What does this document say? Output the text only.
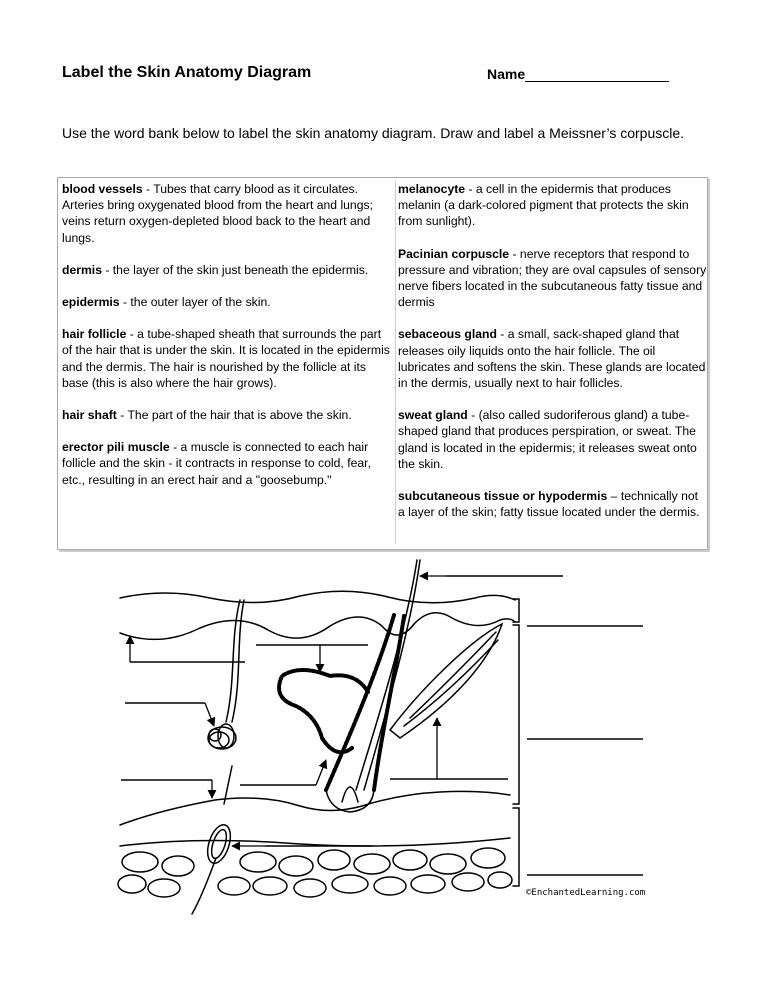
Label the Skin Anatomy Diagram	Name
Use the word bank below to label the skin anatomy diagram. Draw and label a Meissner’s corpuscle.

blood vessels - Tubes that carry blood as it circulates. Arteries bring oxygenated blood from the heart and lungs; veins return oxygen-depleted blood back to the heart and lungs.

dermis - the layer of the skin just beneath the epidermis.

epidermis - the outer layer of the skin.

hair follicle - a tube-shaped sheath that surrounds the part of the hair that is under the skin. It is located in the epidermis and the dermis. The hair is nourished by the follicle at its base (this is also where the hair grows).

hair shaft - The part of the hair that is above the skin.

erector pili muscle - a muscle is connected to each hair follicle and the skin - it contracts in response to cold, fear, etc., resulting in an erect hair and a "goosebump."

melanocyte - a cell in the epidermis that produces melanin (a dark-colored pigment that protects the skin from sunlight).

Pacinian corpuscle - nerve receptors that respond to pressure and vibration; they are oval capsules of sensory nerve fibers located in the subcutaneous fatty tissue and dermis

sebaceous gland - a small, sack-shaped gland that releases oily liquids onto the hair follicle. The oil lubricates and softens the skin. These glands are located in the dermis, usually next to hair follicles.

sweat gland - (also called sudoriferous gland) a tube-shaped gland that produces perspiration, or sweat. The gland is located in the epidermis; it releases sweat onto the skin.

subcutaneous tissue or hypodermis – technically not a layer of the skin; fatty tissue located under the dermis.

©EnchantedLearning.com
